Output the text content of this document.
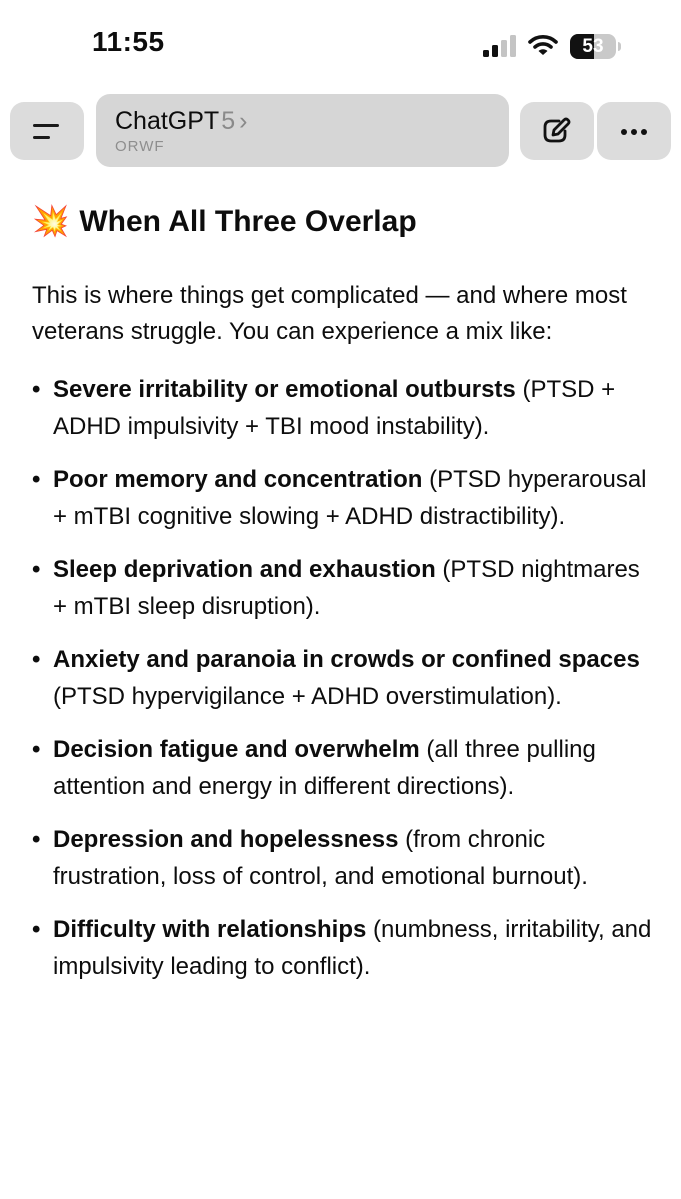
11:55	53
ChatGPT5 ›
ORWF
💥 When All Three Overlap

This is where things get complicated — and where most veterans struggle. You can experience a mix like:

• Severe irritability or emotional outbursts (PTSD + ADHD impulsivity + TBI mood instability).
• Poor memory and concentration (PTSD hyperarousal + mTBI cognitive slowing + ADHD distractibility).
• Sleep deprivation and exhaustion (PTSD nightmares + mTBI sleep disruption).
• Anxiety and paranoia in crowds or confined spaces (PTSD hypervigilance + ADHD overstimulation).
• Decision fatigue and overwhelm (all three pulling attention and energy in different directions).
• Depression and hopelessness (from chronic frustration, loss of control, and emotional burnout).
• Difficulty with relationships (numbness, irritability, and impulsivity leading to conflict).
